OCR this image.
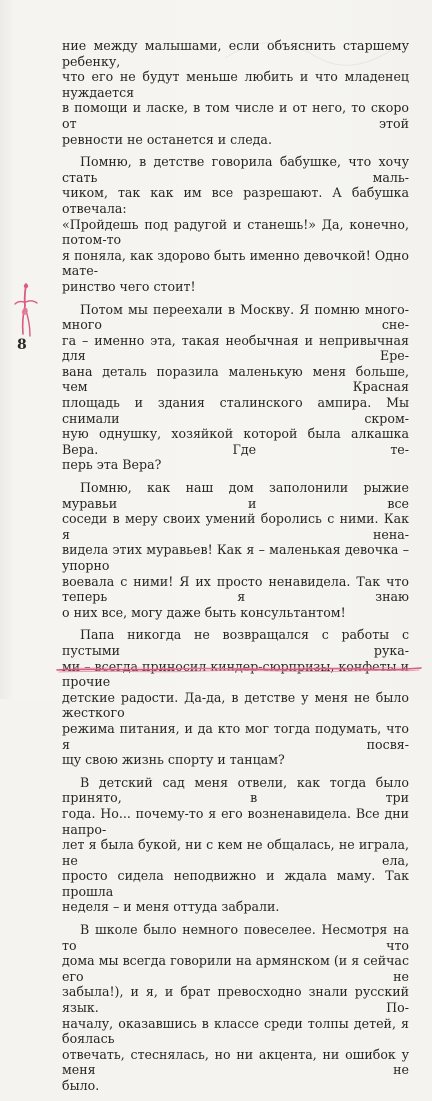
ние между малышами, если объяснить старшему ребенку,
что его не будут меньше любить и что младенец нуждается
в помощи и ласке, в том числе и от него, то скоро от этой
ревности не останется и следа.

Помню, в детстве говорила бабушке, что хочу стать маль-
чиком, так как им все разрешают. А бабушка отвечала:
«Пройдешь под радугой и станешь!» Да, конечно, потом-то
я поняла, как здорово быть именно девочкой! Одно мате-
ринство чего стоит!

Потом мы переехали в Москву. Я помню много-много сне-
га – именно эта, такая необычная и непривычная для Ере-
вана деталь поразила маленькую меня больше, чем Красная
площадь и здания сталинского ампира. Мы снимали скром-
ную однушку, хозяйкой которой была алкашка Вера. Где те-
перь эта Вера?

Помню, как наш дом заполонили рыжие муравьи и все
соседи в меру своих умений боролись с ними. Как я нена-
видела этих муравьев! Как я – маленькая девочка – упорно
воевала с ними! Я их просто ненавидела. Так что теперь я знаю
о них все, могу даже быть консультантом!

Папа никогда не возвращался с работы с пустыми рука-
ми – всегда приносил киндер-сюрпризы, конфеты и прочие
детские радости. Да-да, в детстве у меня не было жесткого
режима питания, и да кто мог тогда подумать, что я посвя-
щу свою жизнь спорту и танцам?

В детский сад меня отвели, как тогда было принято, в три
года. Но... почему-то я его возненавидела. Все дни напро-
лет я была букой, ни с кем не общалась, не играла, не ела,
просто сидела неподвижно и ждала маму. Так прошла
неделя – и меня оттуда забрали.

В школе было немного повеселее. Несмотря на то что
дома мы всегда говорили на армянском (и я сейчас его не
забыла!), и я, и брат превосходно знали русский язык. По-
началу, оказавшись в классе среди толпы детей, я боялась
отвечать, стеснялась, но ни акцента, ни ошибок у меня не
было.

8
